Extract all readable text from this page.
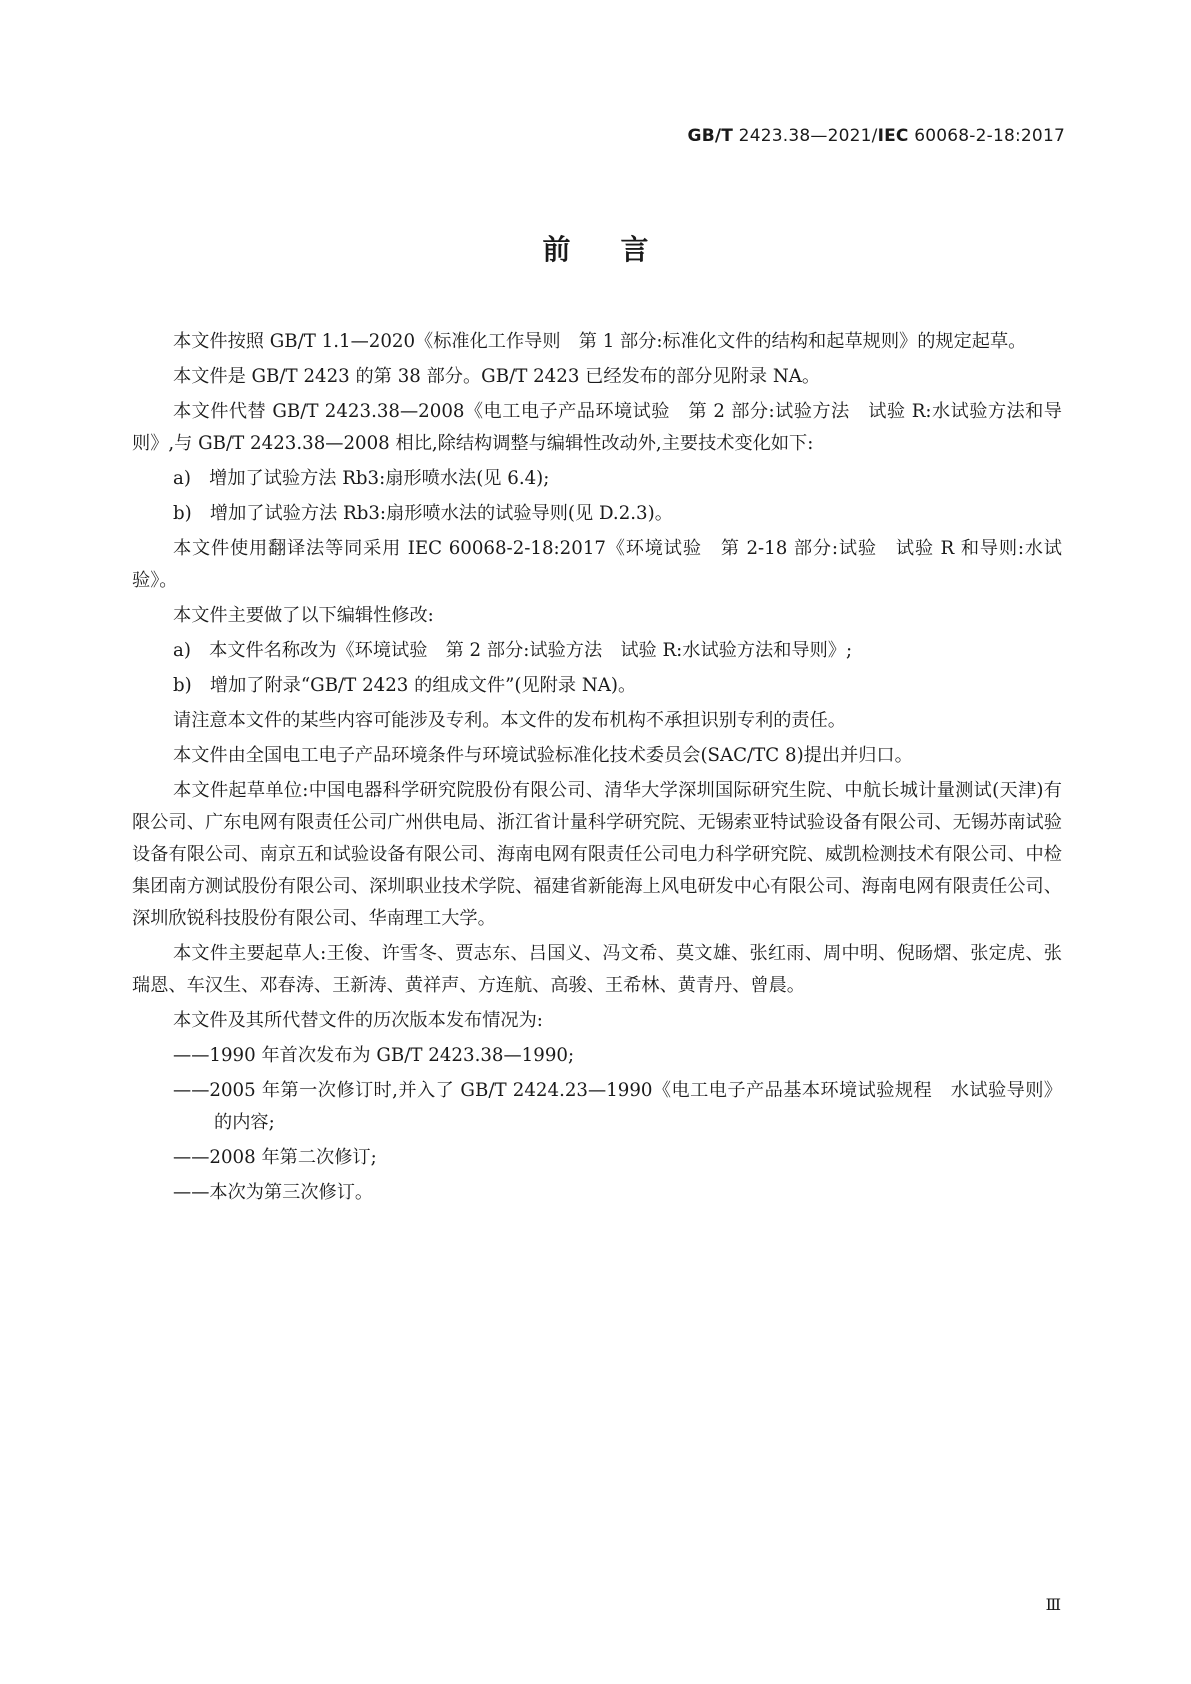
GB/T 2423.38—2021/IEC 60068-2-18:2017
前言

本文件按照 GB/T 1.1—2020《标准化工作导则　第 1 部分:标准化文件的结构和起草规则》的规定起草。

本文件是 GB/T 2423 的第 38 部分。GB/T 2423 已经发布的部分见附录 NA。

本文件代替 GB/T 2423.38—2008《电工电子产品环境试验　第 2 部分:试验方法　试验 R:水试验方法和导则》,与 GB/T 2423.38—2008 相比,除结构调整与编辑性改动外,主要技术变化如下:

a)　增加了试验方法 Rb3:扇形喷水法(见 6.4);
b)　增加了试验方法 Rb3:扇形喷水法的试验导则(见 D.2.3)。

本文件使用翻译法等同采用 IEC 60068-2-18:2017《环境试验　第 2-18 部分:试验　试验 R 和导则:水试验》。

本文件主要做了以下编辑性修改:

a)　本文件名称改为《环境试验　第 2 部分:试验方法　试验 R:水试验方法和导则》;
b)　增加了附录“GB/T 2423 的组成文件”(见附录 NA)。

请注意本文件的某些内容可能涉及专利。本文件的发布机构不承担识别专利的责任。

本文件由全国电工电子产品环境条件与环境试验标准化技术委员会(SAC/TC 8)提出并归口。

本文件起草单位:中国电器科学研究院股份有限公司、清华大学深圳国际研究生院、中航长城计量测试(天津)有限公司、广东电网有限责任公司广州供电局、浙江省计量科学研究院、无锡索亚特试验设备有限公司、无锡苏南试验设备有限公司、南京五和试验设备有限公司、海南电网有限责任公司电力科学研究院、威凯检测技术有限公司、中检集团南方测试股份有限公司、深圳职业技术学院、福建省新能海上风电研发中心有限公司、海南电网有限责任公司、深圳欣锐科技股份有限公司、华南理工大学。

本文件主要起草人:王俊、许雪冬、贾志东、吕国义、冯文希、莫文雄、张红雨、周中明、倪旸熠、张定虎、张瑞恩、车汉生、邓春涛、王新涛、黄祥声、方连航、高骏、王希林、黄青丹、曾晨。

本文件及其所代替文件的历次版本发布情况为:

——1990 年首次发布为 GB/T 2423.38—1990;
——2005 年第一次修订时,并入了 GB/T 2424.23—1990《电工电子产品基本环境试验规程　水试验导则》的内容;
——2008 年第二次修订;
——本次为第三次修订。
Ⅲ
